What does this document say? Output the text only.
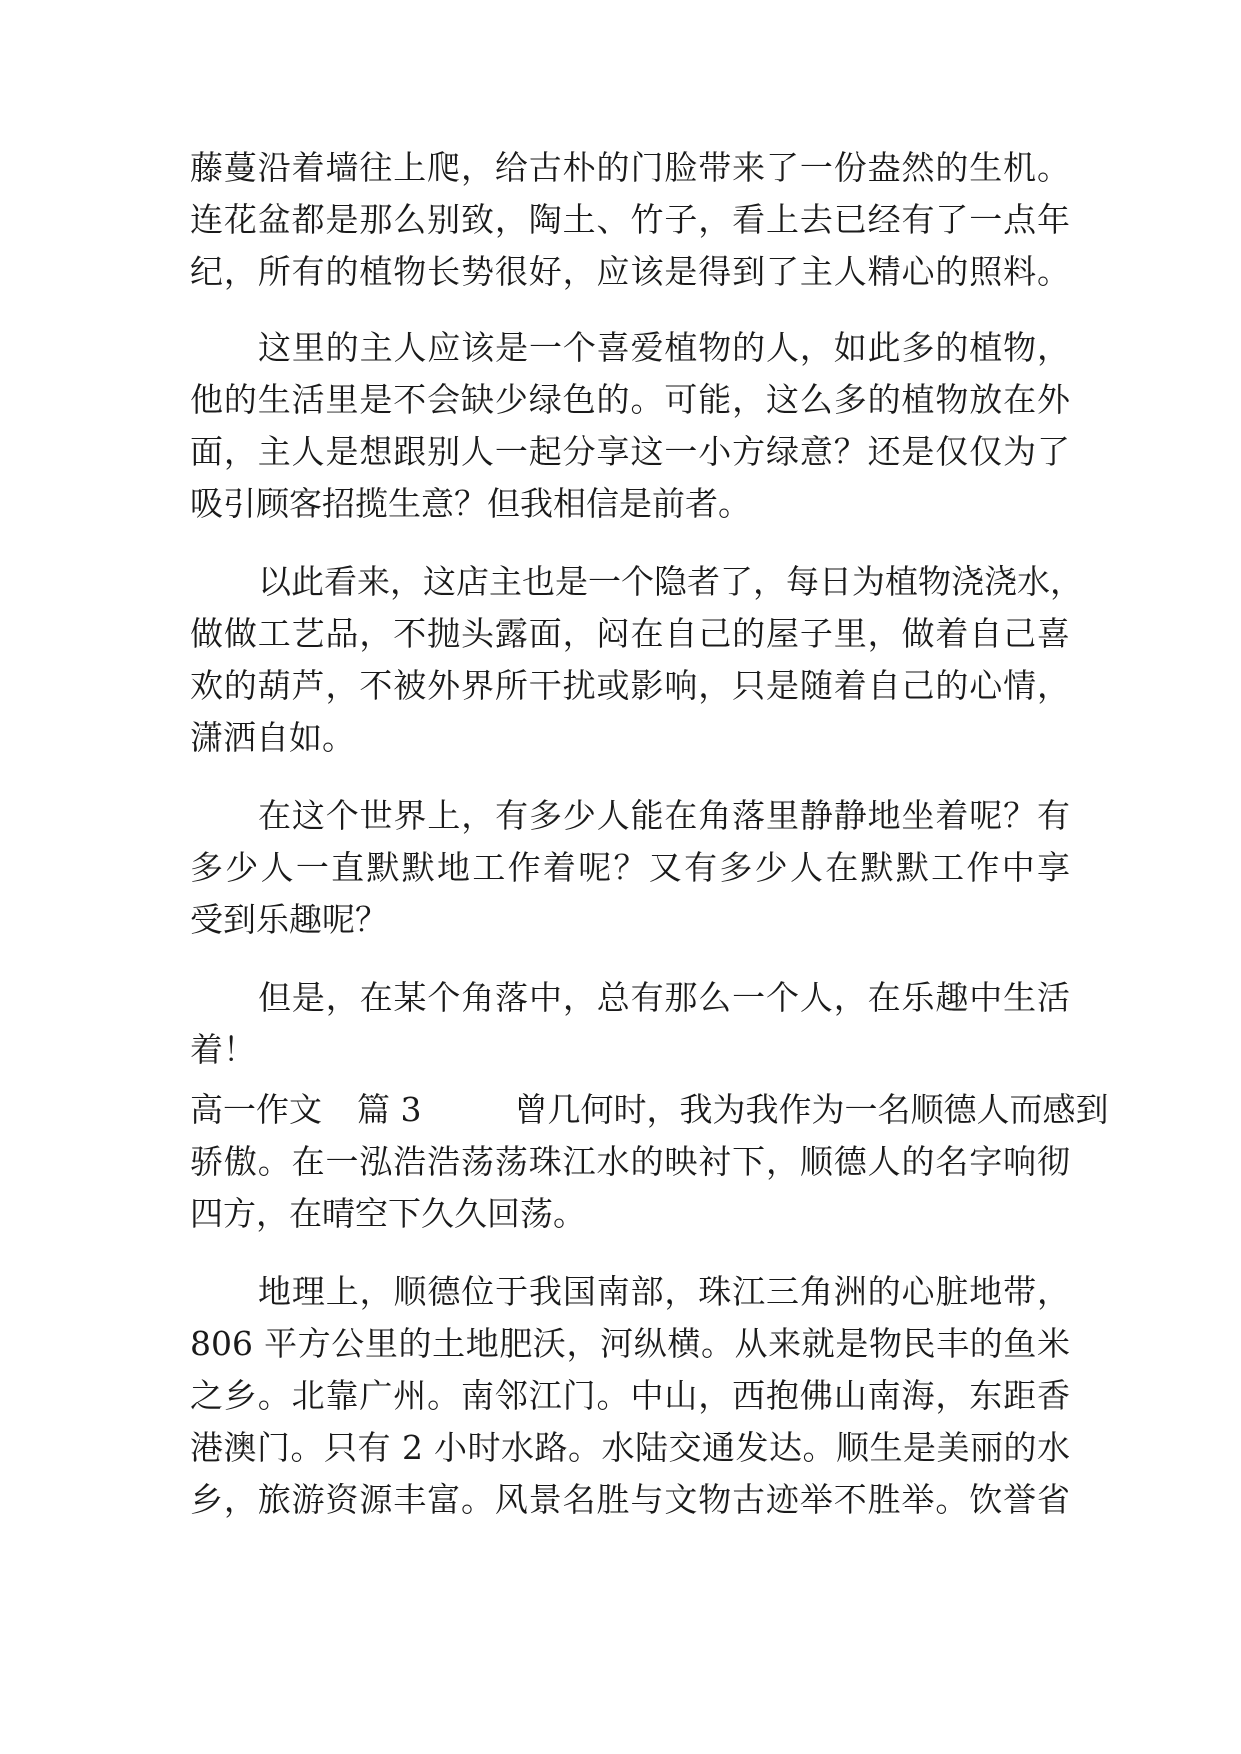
藤蔓沿着墙往上爬，给古朴的门脸带来了一份盎然的生机。
连花盆都是那么别致，陶土、竹子，看上去已经有了一点年
纪，所有的植物长势很好，应该是得到了主人精心的照料。
这里的主人应该是一个喜爱植物的人，如此多的植物，
他的生活里是不会缺少绿色的。可能，这么多的植物放在外
面，主人是想跟别人一起分享这一小方绿意？还是仅仅为了
吸引顾客招揽生意？但我相信是前者。
以此看来，这店主也是一个隐者了，每日为植物浇浇水，
做做工艺品，不抛头露面，闷在自己的屋子里，做着自己喜
欢的葫芦，不被外界所干扰或影响，只是随着自己的心情，
潇洒自如。
在这个世界上，有多少人能在角落里静静地坐着呢？有
多少人一直默默地工作着呢？又有多少人在默默工作中享
受到乐趣呢？
但是，在某个角落中，总有那么一个人，在乐趣中生活
着！
高一作文 篇 3	曾几何时，我为我作为一名顺德人而感到
骄傲。在一泓浩浩荡荡珠江水的映衬下，顺德人的名字响彻
四方，在晴空下久久回荡。
地理上，顺德位于我国南部，珠江三角洲的心脏地带，
806 平方公里的土地肥沃，河纵横。从来就是物民丰的鱼米
之乡。北靠广州。南邻江门。中山，西抱佛山南海，东距香
港澳门。只有 2 小时水路。水陆交通发达。顺生是美丽的水
乡，旅游资源丰富。风景名胜与文物古迹举不胜举。饮誉省
